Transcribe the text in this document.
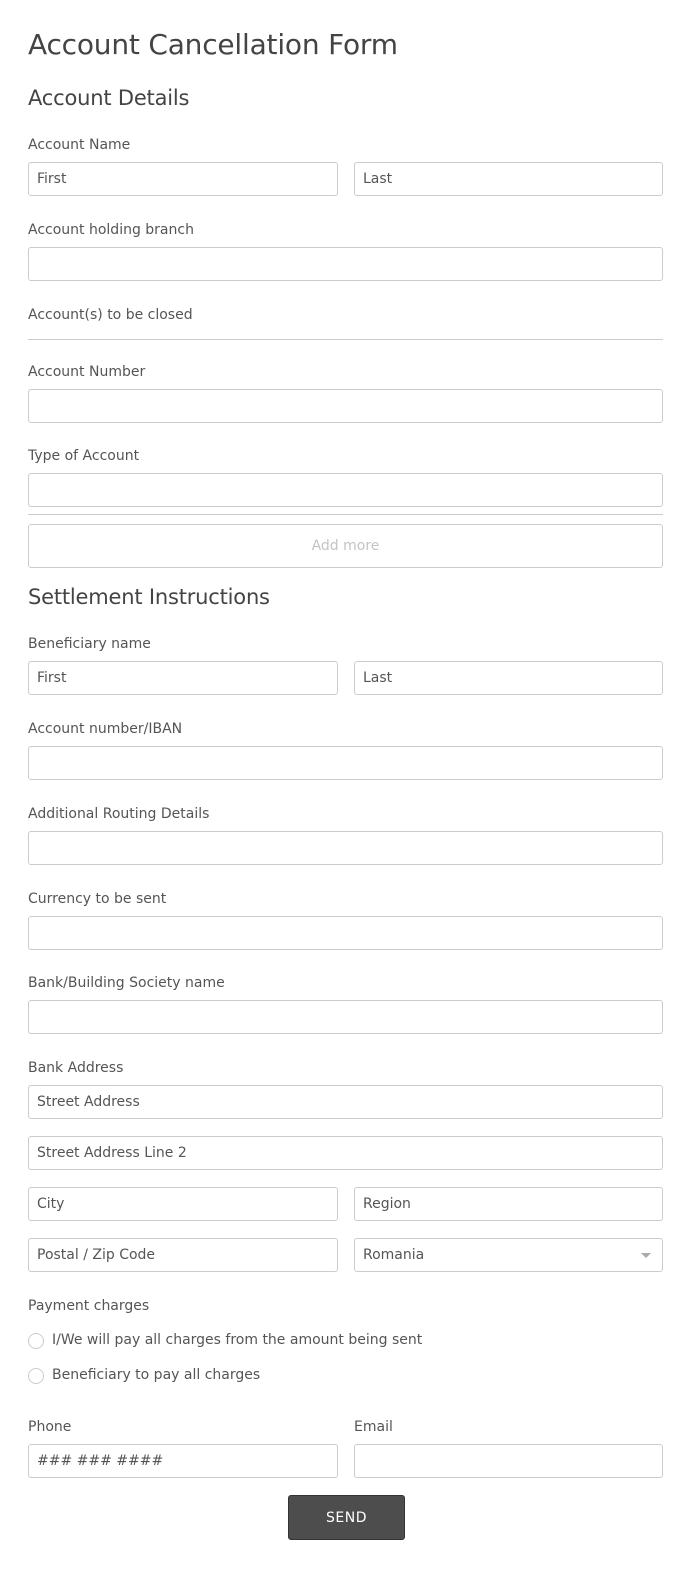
Account Cancellation Form
Account Details
Account Name
First
Last
Account holding branch
Account(s) to be closed
Account Number
Type of Account
Add more
Settlement Instructions
Beneficiary name
First
Last
Account number/IBAN
Additional Routing Details
Currency to be sent
Bank/Building Society name
Bank Address
Street Address
Street Address Line 2
City
Region
Postal / Zip Code
Romania
Payment charges
I/We will pay all charges from the amount being sent
Beneficiary to pay all charges
Phone	Email
### ### ####
SEND
